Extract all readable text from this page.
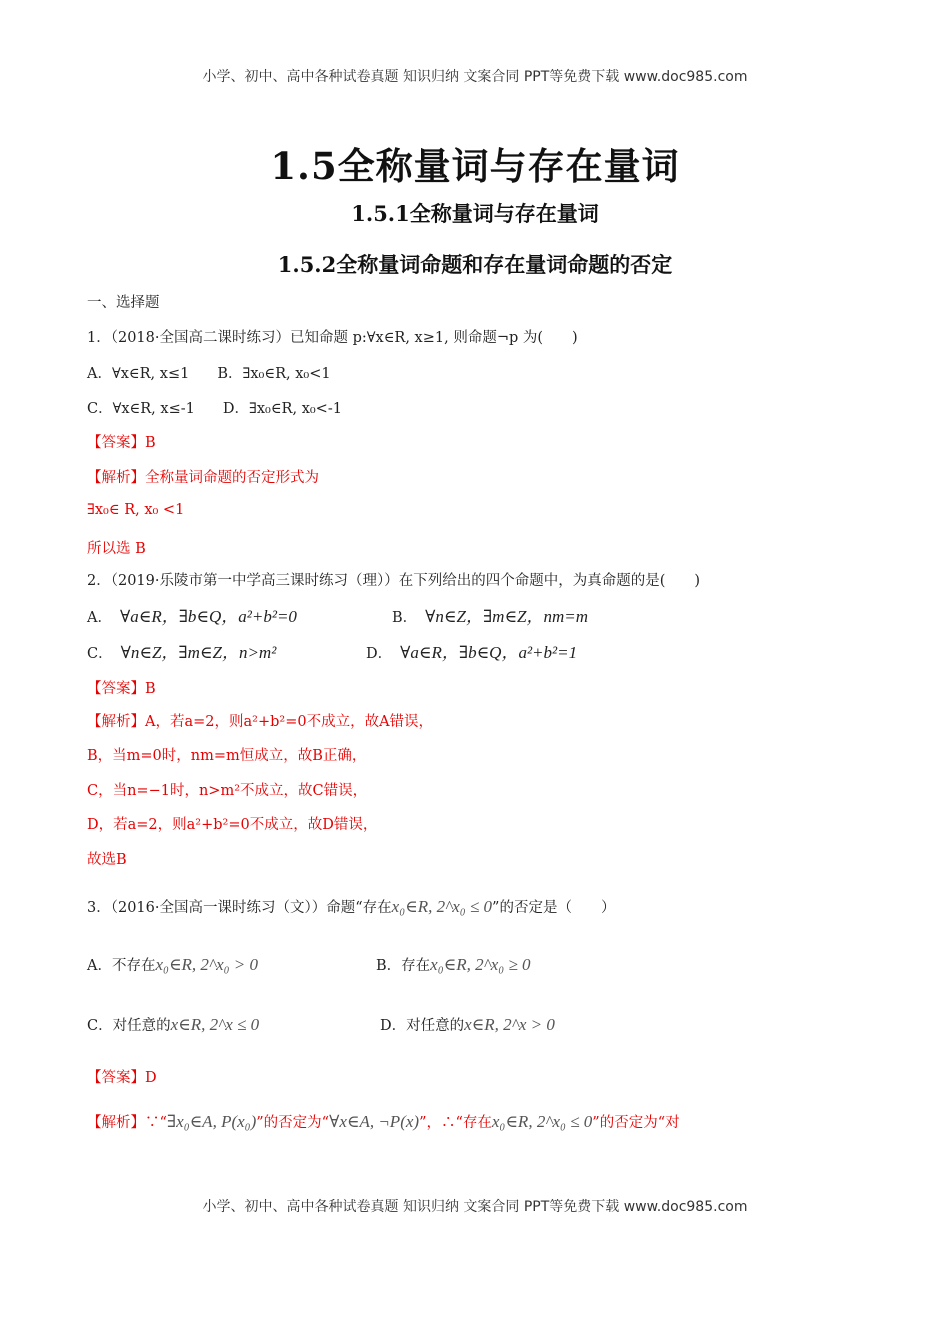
小学、初中、高中各种试卷真题 知识归纳 文案合同 PPT等免费下载 www.doc985.com
1.5全称量词与存在量词
1.5.1全称量词与存在量词
1.5.2全称量词命题和存在量词命题的否定
一、选择题
1．（2018·全国高二课时练习）已知命题 p:∀x∈R, x≥1, 则命题¬p 为(　　)
A．∀x∈R, x≤1 B．∃x₀∈R, x₀<1
C．∀x∈R, x≤-1 D．∃x₀∈R, x₀<-1
【答案】B
【解析】全称量词命题的否定形式为
∃x₀∈ R, x₀ <1
所以选 B
2．（2019·乐陵市第一中学高三课时练习（理））在下列给出的四个命题中，为真命题的是(　　)
A． ∀a∈R，∃b∈Q，a²+b²=0	B． ∀n∈Z，∃m∈Z，nm=m
C． ∀n∈Z，∃m∈Z，n>m²	D． ∀a∈R，∃b∈Q，a²+b²=1
【答案】B
【解析】A，若a=2，则a²+b²=0不成立，故A错误，
B，当m=0时，nm=m恒成立，故B正确，
C，当n=−1时，n>m²不成立，故C错误，
D，若a=2，则a²+b²=0不成立，故D错误，
故选B
3．（2016·全国高一课时练习（文））命题“存在x₀∈R, 2^x₀ ≤ 0”的否定是（　　）
A．不存在x₀∈R, 2^x₀ > 0	B．存在x₀∈R, 2^x₀ ≥ 0
C．对任意的x∈R, 2^x ≤ 0	D．对任意的x∈R, 2^x > 0
【答案】D
【解析】∵“∃x₀∈A, P(x₀)”的否定为“∀x∈A, ¬P(x)”，∴“存在x₀∈R, 2^x₀ ≤ 0”的否定为“对
小学、初中、高中各种试卷真题 知识归纳 文案合同 PPT等免费下载 www.doc985.com
